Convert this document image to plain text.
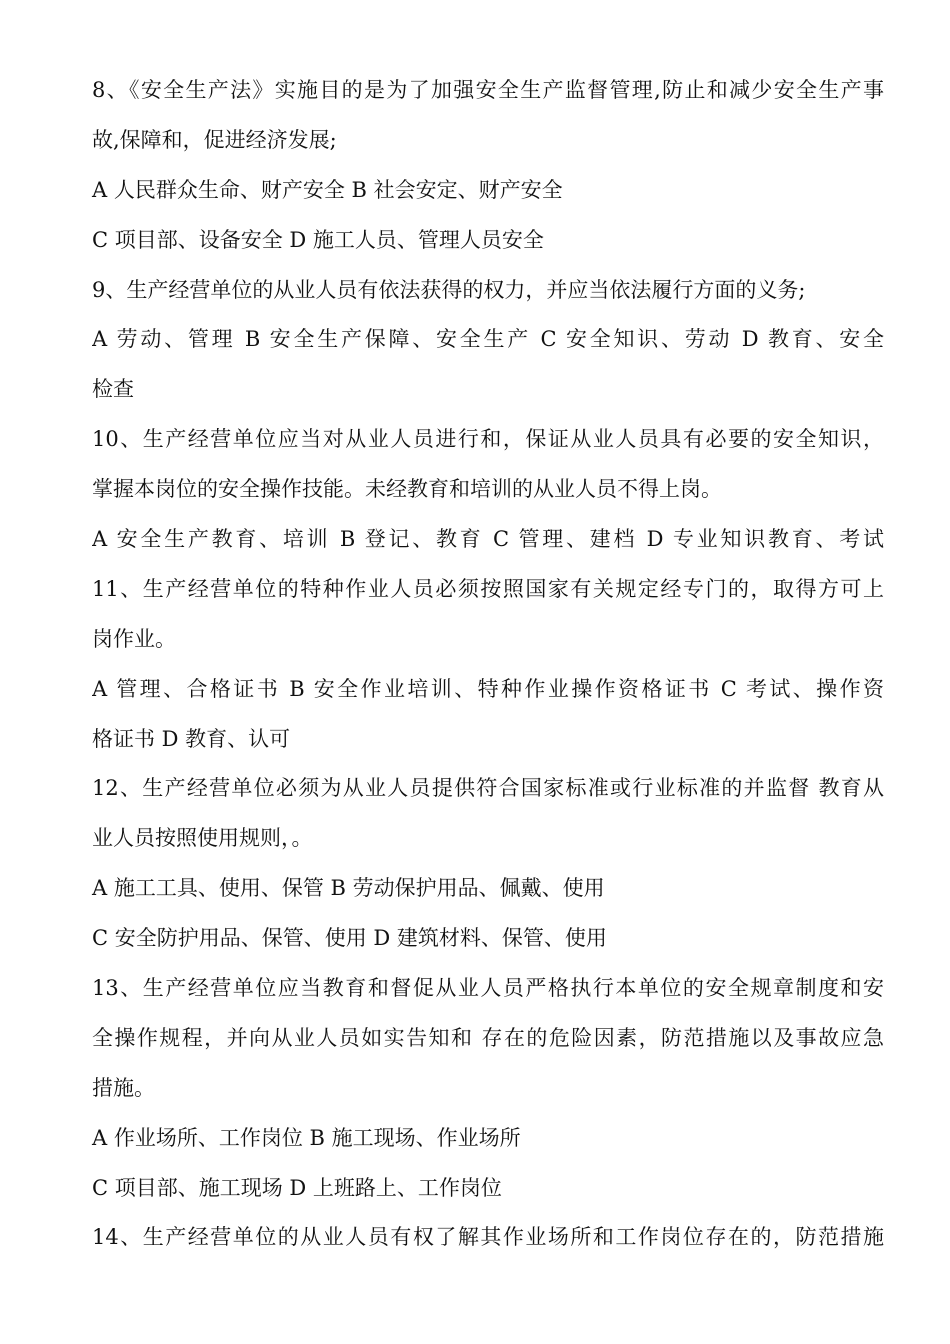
8、《安全生产法》实施目的是为了加强安全生产监督管理,防止和减少安全生产事
故,保障和，促进经济发展;
A 人民群众生命、财产安全 B 社会安定、财产安全
C 项目部、设备安全 D 施工人员、管理人员安全
9、生产经营单位的从业人员有依法获得的权力，并应当依法履行方面的义务;
A 劳动、管理 B 安全生产保障、安全生产 C 安全知识、劳动 D 教育、安全
检查
10、生产经营单位应当对从业人员进行和，保证从业人员具有必要的安全知识，
掌握本岗位的安全操作技能。未经教育和培训的从业人员不得上岗。
A 安全生产教育、培训 B 登记、教育 C 管理、建档 D 专业知识教育、考试
11、生产经营单位的特种作业人员必须按照国家有关规定经专门的，取得方可上
岗作业。
A 管理、合格证书 B 安全作业培训、特种作业操作资格证书 C 考试、操作资
格证书 D 教育、认可
12、生产经营单位必须为从业人员提供符合国家标准或行业标准的并监督 教育从
业人员按照使用规则，。
A 施工工具、使用、保管 B 劳动保护用品、佩戴、使用
C 安全防护用品、保管、使用 D 建筑材料、保管、使用
13、生产经营单位应当教育和督促从业人员严格执行本单位的安全规章制度和安
全操作规程，并向从业人员如实告知和 存在的危险因素，防范措施以及事故应急
措施。
A 作业场所、工作岗位 B 施工现场、作业场所
C 项目部、施工现场 D 上班路上、工作岗位
14、生产经营单位的从业人员有权了解其作业场所和工作岗位存在的，防范措施
